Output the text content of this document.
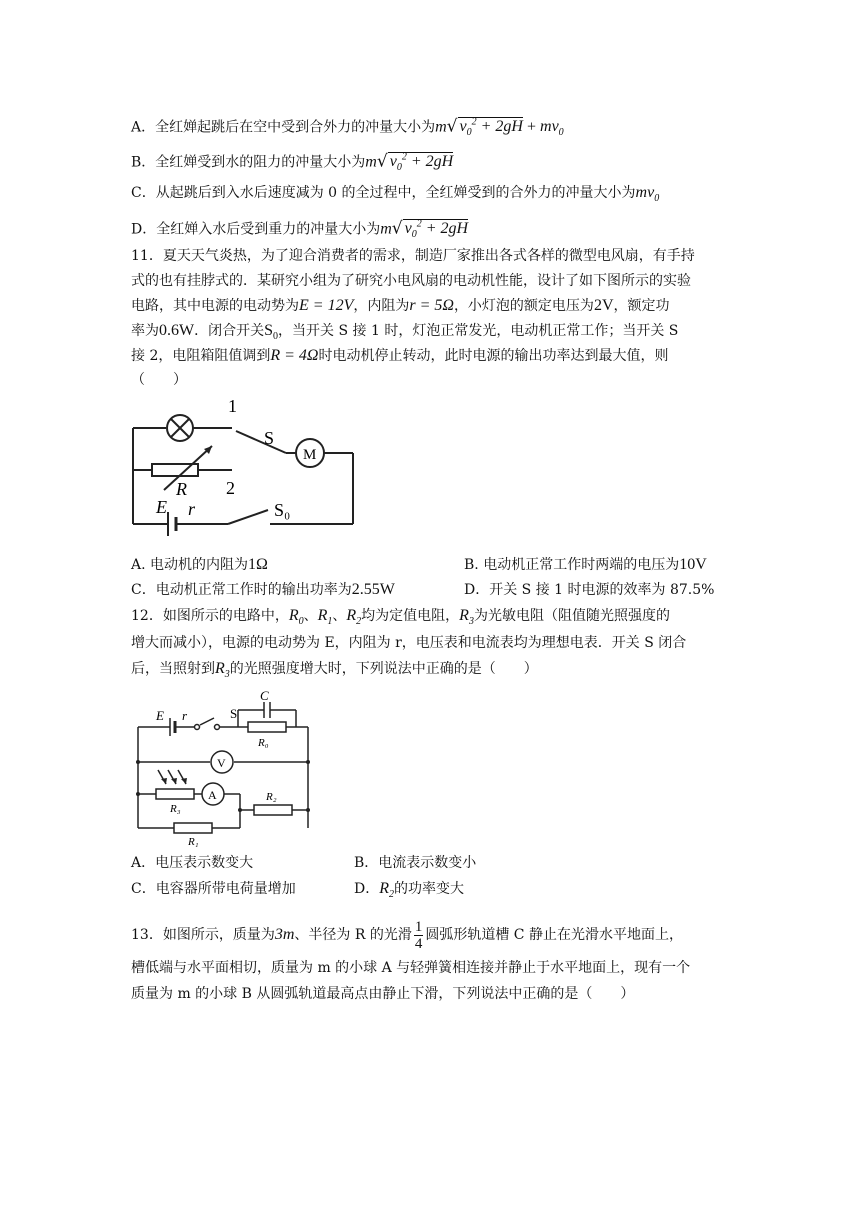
A．全红婵起跳后在空中受到合外力的冲量大小为m√ $v_0^2 + 2gH + mv_0$
B．全红婵受到水的阻力的冲量大小为m√ $v_0^2 + 2gH$
C．从起跳后到入水后速度减为 0 的全过程中，全红婵受到的合外力的冲量大小为$mv_0$
D．全红婵入水后受到重力的冲量大小为m√ $v_0^2 + 2gH$
11．夏天天气炎热，为了迎合消费者的需求，制造厂家推出各式各样的微型电风扇，有手持
式的也有挂脖式的．某研究小组为了研究小电风扇的电动机性能，设计了如下图所示的实验
电路，其中电源的电动势为E = 12V，内阻为r = 5Ω，小灯泡的额定电压为2V，额定功
率为0.6W．闭合开关$S_0$，当开关 S 接 1 时，灯泡正常发光，电动机正常工作；当开关 S
接 2，电阻箱阻值调到R = 4Ω时电动机停止转动，此时电源的输出功率达到最大值，则
（　　）
1
S
M
R 2
E r	S₀
A. 电动机的内阻为1Ω	B. 电动机正常工作时两端的电压为10V
C．电动机正常工作时的输出功率为2.55W	D．开关 S 接 1 时电源的效率为 87.5%
12．如图所示的电路中，$R_0$、$R_1$、$R_2$均为定值电阻，$R_3$为光敏电阻（阻值随光照强度的
增大而减小），电源的电动势为 E，内阻为 r，电压表和电流表均为理想电表．开关 S 闭合
后，当照射到$R_3$的光照强度增大时，下列说法中正确的是（　　）
E r	S
C
R₀
V
R₃
A	R₂
R₁
A．电压表示数变大	B．电流表示数变小
C．电容器所带电荷量增加	D．$R_2$的功率变大
13．如图所示，质量为3m、半径为 R 的光滑 $\frac{1}{4}$ 圆弧形轨道槽 C 静止在光滑水平地面上，
槽低端与水平面相切，质量为 m 的小球 A 与轻弹簧相连接并静止于水平地面上，现有一个
质量为 m 的小球 B 从圆弧轨道最高点由静止下滑，下列说法中正确的是（　　）
